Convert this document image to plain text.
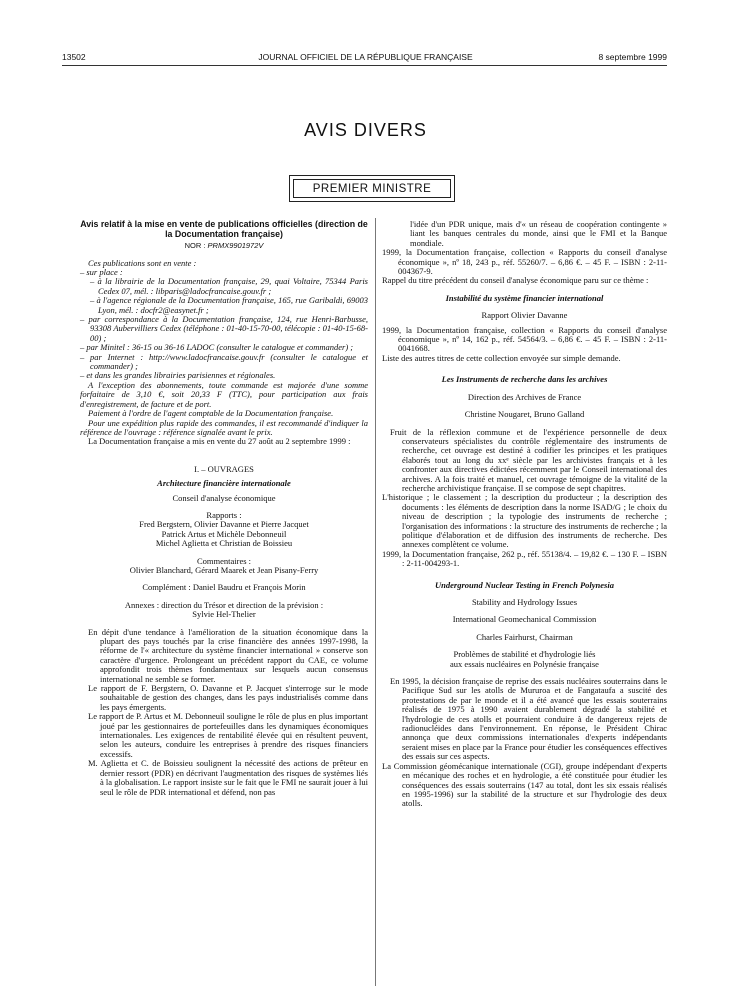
13502	JOURNAL OFFICIEL DE LA RÉPUBLIQUE FRANÇAISE	8 septembre 1999
AVIS DIVERS
PREMIER MINISTRE

Avis relatif à la mise en vente de publications officielles (direction de la Documentation française)

NOR : PRMX9901972V

Ces publications sont en vente :

– sur place :

– à la librairie de la Documentation française, 29, quai Voltaire, 75344 Paris Cedex 07, mél. : libparis@ladocfrancaise.gouv.fr ;

– à l'agence régionale de la Documentation française, 165, rue Garibaldi, 69003 Lyon, mél. : docfr2@easynet.fr ;

– par correspondance à la Documentation française, 124, rue Henri-Barbusse, 93308 Aubervilliers Cedex (téléphone : 01-40-15-70-00, télécopie : 01-40-15-68-00) ;

– par Minitel : 36-15 ou 36-16 LADOC (consulter le catalogue et commander) ;

– par Internet : http://www.ladocfrancaise.gouv.fr (consulter le catalogue et commander) ;

– et dans les grandes librairies parisiennes et régionales.

A l'exception des abonnements, toute commande est majorée d'une somme forfaitaire de 3,10 €, soit 20,33 F (TTC), pour participation aux frais d'enregistrement, de facture et de port.

Paiement à l'ordre de l'agent comptable de la Documentation française.

Pour une expédition plus rapide des commandes, il est recommandé d'indiquer la référence de l'ouvrage : référence signalée avant le prix.

La Documentation française a mis en vente du 27 août au 2 septembre 1999 :

I. – OUVRAGES

Architecture financière internationale

Conseil d'analyse économique

Rapports :

Fred Bergstern, Olivier Davanne et Pierre Jacquet

Patrick Artus et Michèle Debonneuil

Michel Aglietta et Christian de Boissieu

Commentaires :

Olivier Blanchard, Gérard Maarek et Jean Pisany-Ferry

Complément : Daniel Baudru et François Morin

Annexes : direction du Trésor et direction de la prévision :

Sylvie Hel-Thelier

En dépit d'une tendance à l'amélioration de la situation économique dans la plupart des pays touchés par la crise financière des années 1997-1998, la réforme de l'« architecture du système financier international » conserve son caractère d'urgence. Prolongeant un précédent rapport du CAE, ce volume approfondit trois thèmes fondamentaux sur lesquels aucun consensus international ne semble se former.

Le rapport de F. Bergstern, O. Davanne et P. Jacquet s'interroge sur le mode souhaitable de gestion des changes, dans les pays industrialisés comme dans les pays émergents.

Le rapport de P. Artus et M. Debonneuil souligne le rôle de plus en plus important joué par les gestionnaires de portefeuilles dans les dynamiques économiques internationales. Les exigences de rentabilité élevée qui en résultent peuvent, selon les auteurs, conduire les entreprises à prendre des risques financiers excessifs.

M. Aglietta et C. de Boissieu soulignent la nécessité des actions de prêteur en dernier ressort (PDR) en décrivant l'augmentation des risques de systèmes liés à la globalisation. Le rapport insiste sur le fait que le FMI ne saurait jouer à lui seul le rôle de PDR international et défend, non pas

l'idée d'un PDR unique, mais d'« un réseau de coopération contingente » liant les banques centrales du monde, ainsi que le FMI et la Banque mondiale.

1999, la Documentation française, collection « Rapports du conseil d'analyse économique », nº 18, 243 p., réf. 55260/7. – 6,86 €. – 45 F. – ISBN : 2-11-004367-9.

Rappel du titre précédent du conseil d'analyse économique paru sur ce thème :

Instabilité du système financier international

Rapport Olivier Davanne

1999, la Documentation française, collection « Rapports du conseil d'analyse économique », nº 14, 162 p., réf. 54564/3. – 6,86 €. – 45 F. – ISBN : 2-11-0041668.

Liste des autres titres de cette collection envoyée sur simple demande.

Les Instruments de recherche dans les archives

Direction des Archives de France

Christine Nougaret, Bruno Galland

Fruit de la réflexion commune et de l'expérience personnelle de deux conservateurs spécialistes du contrôle réglementaire des instruments de recherche, cet ouvrage est destiné à codifier les principes et les pratiques élaborés tout au long du xxᵉ siècle par les archivistes français et à les confronter aux directives édictées récemment par le Conseil international des archives. A la fois traité et manuel, cet ouvrage témoigne de la vitalité de la recherche archivistique française. Il se compose de sept chapitres.

L'historique ; le classement ; la description du producteur ; la description des documents : les éléments de description dans la norme ISAD/G ; le choix du niveau de description ; la typologie des instruments de recherche ; l'organisation des informations : la structure des instruments de recherche ; la politique d'élaboration et de diffusion des instruments de recherche. Des annexes complètent ce volume.

1999, la Documentation française, 262 p., réf. 55138/4. – 19,82 €. – 130 F. – ISBN : 2-11-004293-1.

Underground Nuclear Testing in French Polynesia

Stability and Hydrology Issues

International Geomechanical Commission

Charles Fairhurst, Chairman

Problèmes de stabilité et d'hydrologie liés

aux essais nucléaires en Polynésie française

En 1995, la décision française de reprise des essais nucléaires souterrains dans le Pacifique Sud sur les atolls de Mururoa et de Fangataufa a suscité des protestations de par le monde et il a été avancé que les essais souterrains réalisés de 1975 à 1990 avaient durablement dégradé la stabilité et l'hydrologie de ces atolls et pourraient conduire à de dangereux rejets de radionucléides dans l'environnement. En réponse, le Président Chirac annonça que deux commissions internationales d'experts indépendants seraient mises en place par la France pour étudier les conséquences effectives des essais sur ces aspects.

La Commission géomécanique internationale (CGI), groupe indépendant d'experts en mécanique des roches et en hydrologie, a été constituée pour étudier les conséquences des essais souterrains (147 au total, dont les six essais réalisés en 1995-1996) sur la stabilité de la structure et sur l'hydrologie des deux atolls.
